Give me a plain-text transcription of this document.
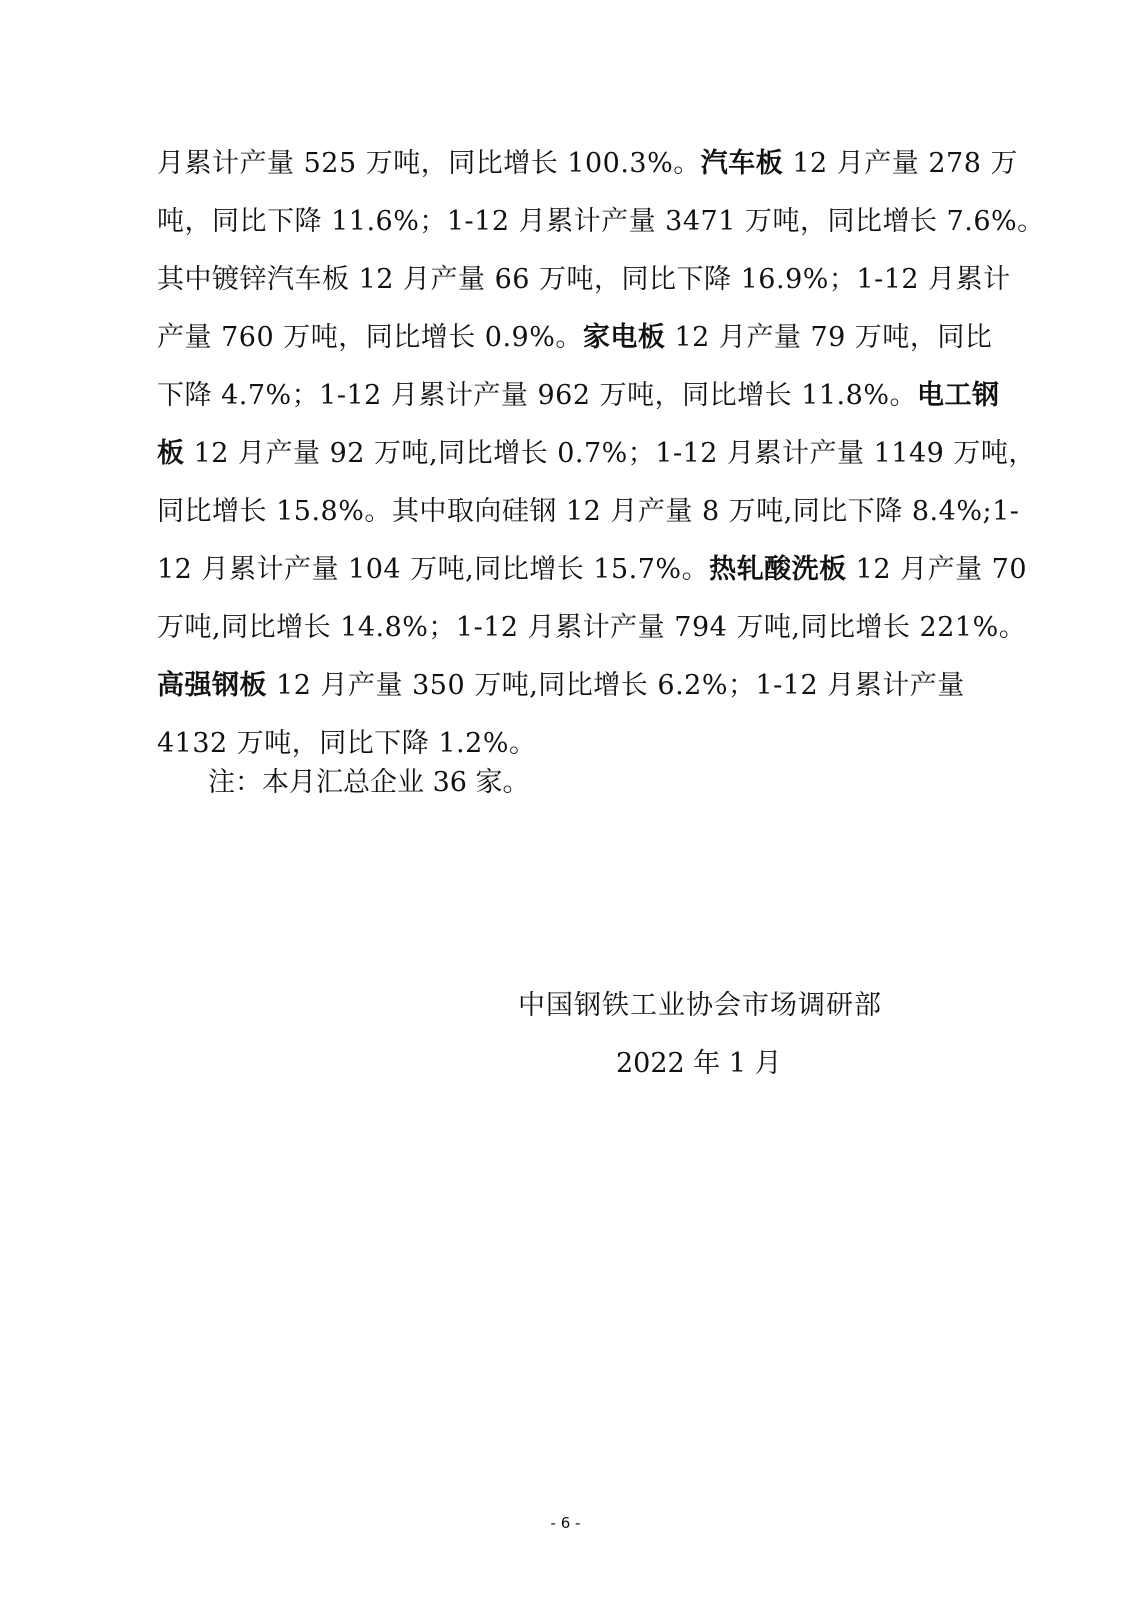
月累计产量 525 万吨，同比增长 100.3%。汽车板 12 月产量 278 万
吨，同比下降 11.6%；1-12 月累计产量 3471 万吨，同比增长 7.6%。
其中镀锌汽车板 12 月产量 66 万吨，同比下降 16.9%；1-12 月累计
产量 760 万吨，同比增长 0.9%。家电板 12 月产量 79 万吨，同比
下降 4.7%；1-12 月累计产量 962 万吨，同比增长 11.8%。电工钢
板 12 月产量 92 万吨,同比增长 0.7%；1-12 月累计产量 1149 万吨，
同比增长 15.8%。其中取向硅钢 12 月产量 8 万吨,同比下降 8.4%;1-
12 月累计产量 104 万吨,同比增长 15.7%。热轧酸洗板 12 月产量 70
万吨,同比增长 14.8%；1-12 月累计产量 794 万吨,同比增长 221%。
高强钢板 12 月产量 350 万吨,同比增长 6.2%；1-12 月累计产量
4132 万吨，同比下降 1.2%。
注：本月汇总企业 36 家。
中国钢铁工业协会市场调研部
2022 年 1 月
- 6 -
